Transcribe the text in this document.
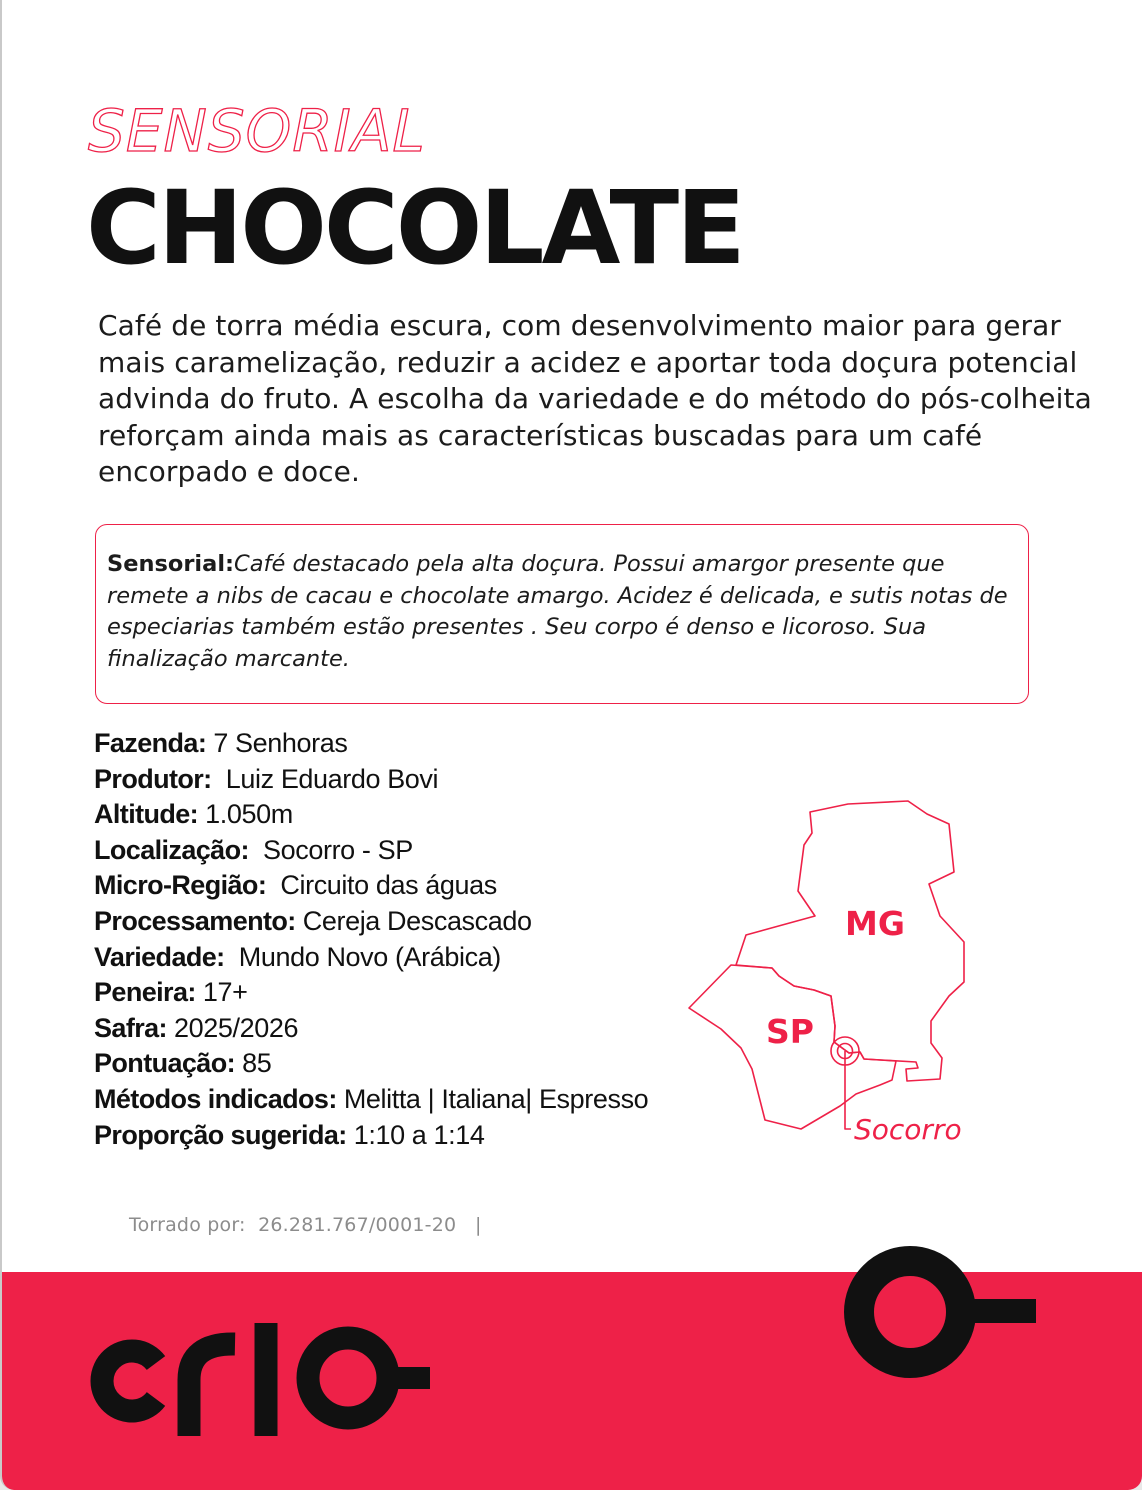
SENSORIAL
CHOCOLATE

Café de torra média escura, com desenvolvimento maior para gerar mais caramelização, reduzir a acidez e aportar toda doçura potencial advinda do fruto. A escolha da variedade e do método do pós-colheita reforçam ainda mais as características buscadas para um café encorpado e doce.

Sensorial:Café destacado pela alta doçura. Possui amargor presente que remete a nibs de cacau e chocolate amargo. Acidez é delicada, e sutis notas de especiarias também estão presentes . Seu corpo é denso e licoroso. Sua finalização marcante.

Fazenda: 7 Senhoras
Produtor:  Luiz Eduardo Bovi
Altitude: 1.050m
Localização:  Socorro - SP
Micro-Região:  Circuito das águas
Processamento: Cereja Descascado
Variedade:  Mundo Novo (Arábica)
Peneira: 17+
Safra: 2025/2026
Pontuação: 85
Métodos indicados: Melitta | Italiana| Espresso
Proporção sugerida: 1:10 a 1:14
MG
SP
Socorro

Torrado por:  26.281.767/0001-20   |
